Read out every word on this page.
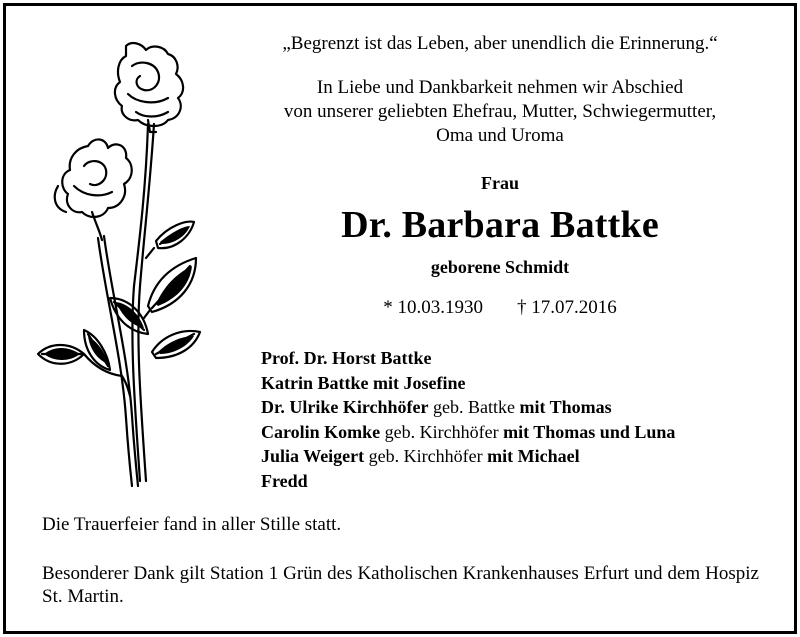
„Begrenzt ist das Leben, aber unendlich die Erinnerung.“
In Liebe und Dankbarkeit nehmen wir Abschied
von unserer geliebten Ehefrau, Mutter, Schwiegermutter,
Oma und Uroma
Frau
Dr. Barbara Battke
geborene Schmidt
* 10.03.1930 † 17.07.2016
Prof. Dr. Horst Battke
Katrin Battke mit Josefine
Dr. Ulrike Kirchhöfer geb. Battke mit Thomas
Carolin Komke geb. Kirchhöfer mit Thomas und Luna
Julia Weigert geb. Kirchhöfer mit Michael
Fredd
Die Trauerfeier fand in aller Stille statt.
Besonderer Dank gilt Station 1 Grün des Katholischen Krankenhauses Erfurt und dem Hospiz St. Martin.
